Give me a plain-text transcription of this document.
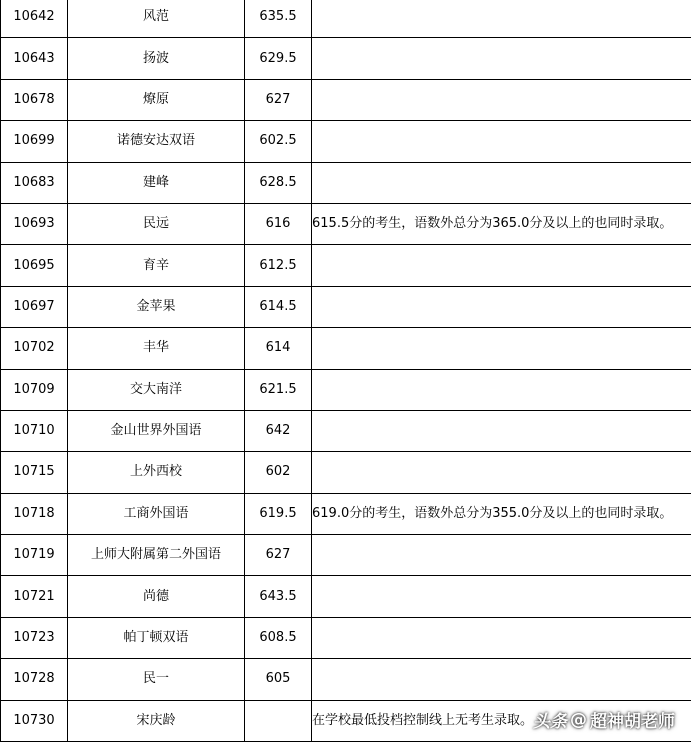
10642	风范	635.5	
10643	扬波	629.5	
10678	燎原	627	
10699	诺德安达双语	602.5	
10683	建峰	628.5	
10693	民远	616	615.5分的考生，语数外总分为365.0分及以上的也同时录取。
10695	育辛	612.5	
10697	金苹果	614.5	
10702	丰华	614	
10709	交大南洋	621.5	
10710	金山世界外国语	642	
10715	上外西校	602	
10718	工商外国语	619.5	619.0分的考生，语数外总分为355.0分及以上的也同时录取。
10719	上师大附属第二外国语	627	
10721	尚德	643.5	
10723	帕丁顿双语	608.5	
10728	民一	605	
10730	宋庆龄		在学校最低投档控制线上无考生录取。 头条 @ 超神胡老师
